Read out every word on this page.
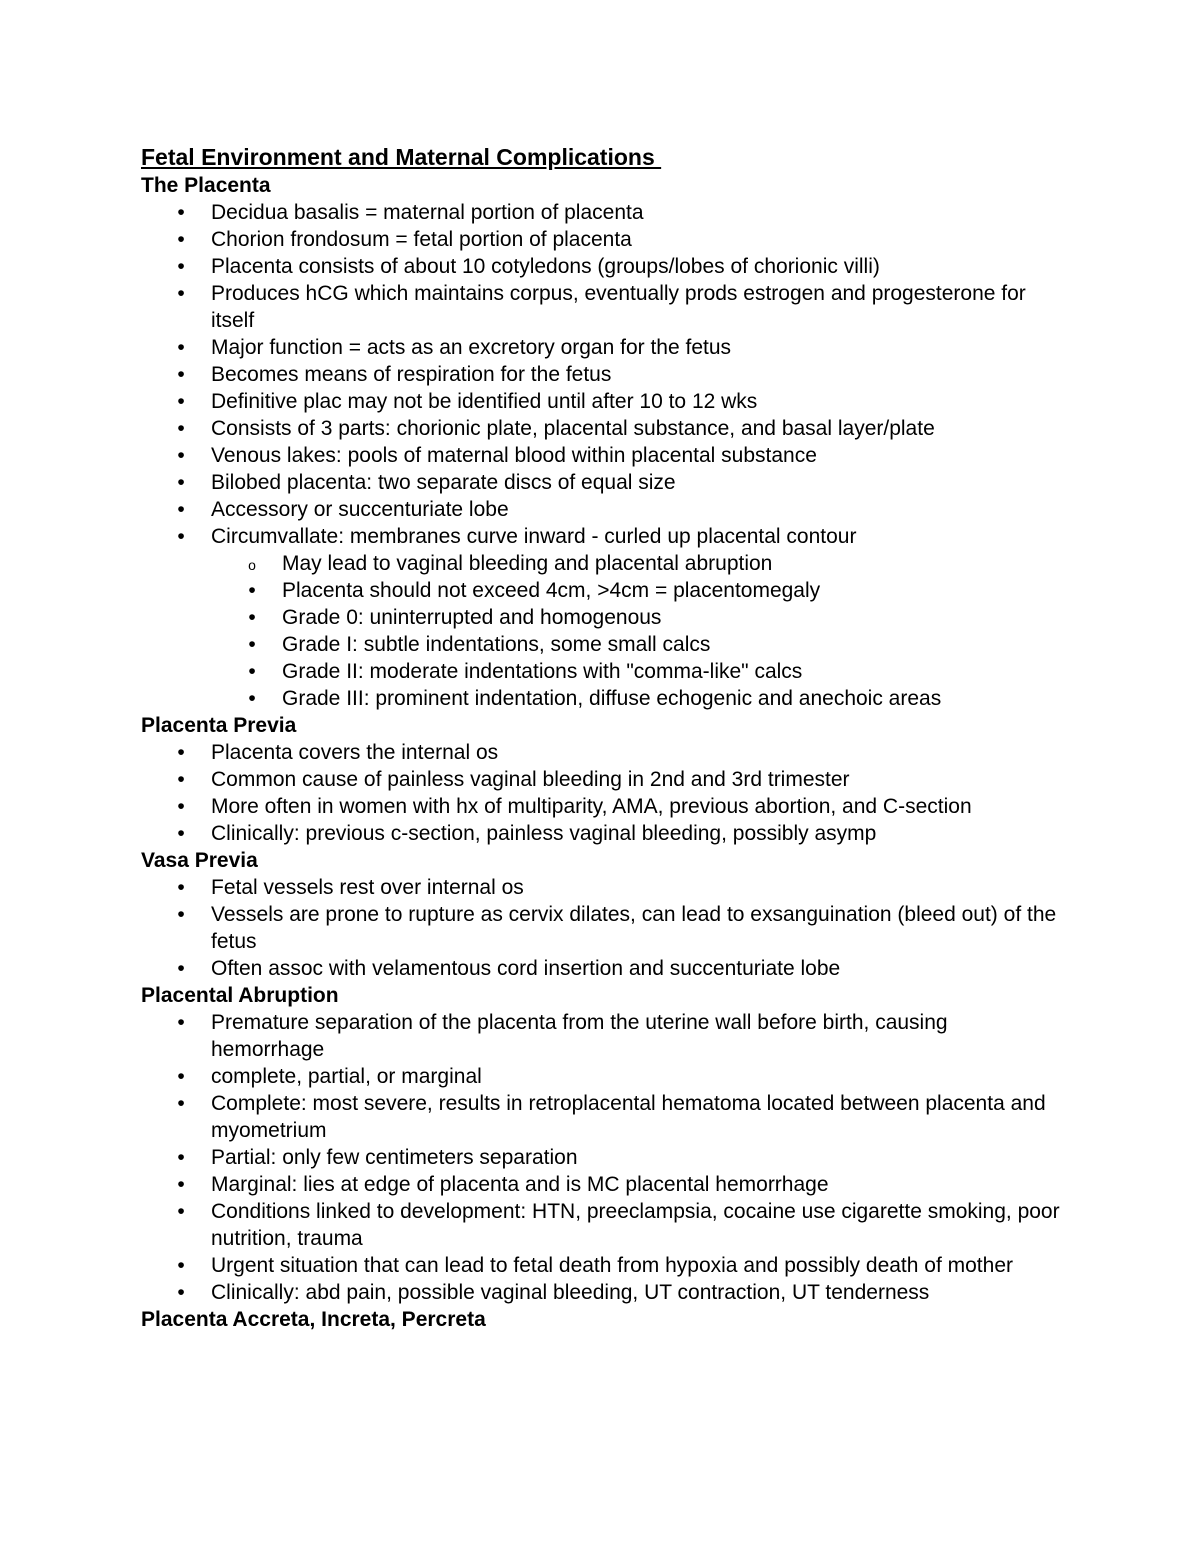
Fetal Environment and Maternal Complications
The Placenta
• Decidua basalis = maternal portion of placenta
• Chorion frondosum = fetal portion of placenta
• Placenta consists of about 10 cotyledons (groups/lobes of chorionic villi)
• Produces hCG which maintains corpus, eventually prods estrogen and progesterone for itself
• Major function = acts as an excretory organ for the fetus
• Becomes means of respiration for the fetus
• Definitive plac may not be identified until after 10 to 12 wks
• Consists of 3 parts: chorionic plate, placental substance, and basal layer/plate
• Venous lakes: pools of maternal blood within placental substance
• Bilobed placenta: two separate discs of equal size
• Accessory or succenturiate lobe
• Circumvallate: membranes curve inward - curled up placental contour
o May lead to vaginal bleeding and placental abruption
• Placenta should not exceed 4cm, >4cm = placentomegaly
• Grade 0: uninterrupted and homogenous
• Grade I: subtle indentations, some small calcs
• Grade II: moderate indentations with "comma-like" calcs
• Grade III: prominent indentation, diffuse echogenic and anechoic areas
Placenta Previa
• Placenta covers the internal os
• Common cause of painless vaginal bleeding in 2nd and 3rd trimester
• More often in women with hx of multiparity, AMA, previous abortion, and C-section
• Clinically: previous c-section, painless vaginal bleeding, possibly asymp
Vasa Previa
• Fetal vessels rest over internal os
• Vessels are prone to rupture as cervix dilates, can lead to exsanguination (bleed out) of the fetus
• Often assoc with velamentous cord insertion and succenturiate lobe
Placental Abruption
• Premature separation of the placenta from the uterine wall before birth, causing hemorrhage
• complete, partial, or marginal
• Complete: most severe, results in retroplacental hematoma located between placenta and myometrium
• Partial: only few centimeters separation
• Marginal: lies at edge of placenta and is MC placental hemorrhage
• Conditions linked to development: HTN, preeclampsia, cocaine use cigarette smoking, poor nutrition, trauma
• Urgent situation that can lead to fetal death from hypoxia and possibly death of mother
• Clinically: abd pain, possible vaginal bleeding, UT contraction, UT tenderness
Placenta Accreta, Increta, Percreta
